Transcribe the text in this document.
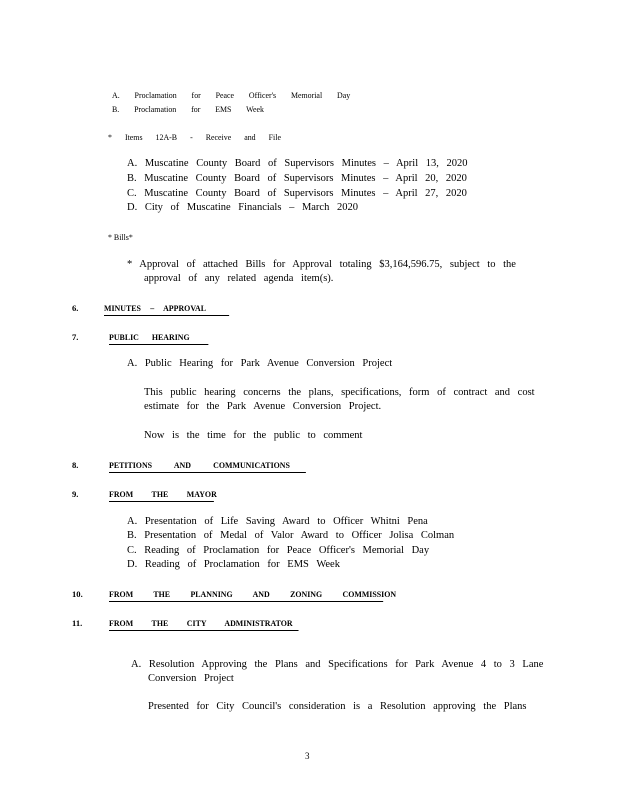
A. Proclamation for Peace Officer's Memorial Day
B. Proclamation for EMS Week
* Items 12A-B - Receive and File
A. Muscatine County Board of Supervisors Minutes – April 13, 2020
B. Muscatine County Board of Supervisors Minutes – April 20, 2020
C. Muscatine County Board of Supervisors Minutes – April 27, 2020
D. City of Muscatine Financials – March 2020
* Bills*
* Approval of attached Bills for Approval totaling $3,164,596.75, subject to the
approval of any related agenda item(s).
6.	MINUTES – APPROVAL
7.	PUBLIC HEARING
A. Public Hearing for Park Avenue Conversion Project
This public hearing concerns the plans, specifications, form of contract and cost
estimate for the Park Avenue Conversion Project.
Now is the time for the public to comment
8.	PETITIONS AND COMMUNICATIONS
9.	FROM THE MAYOR
A. Presentation of Life Saving Award to Officer Whitni Pena
B. Presentation of Medal of Valor Award to Officer Jolisa Colman
C. Reading of Proclamation for Peace Officer's Memorial Day
D. Reading of Proclamation for EMS Week
10.	FROM THE PLANNING AND ZONING COMMISSION
11.	FROM THE CITY ADMINISTRATOR
A. Resolution Approving the Plans and Specifications for Park Avenue 4 to 3 Lane
Conversion Project
Presented for City Council's consideration is a Resolution approving the Plans
3
